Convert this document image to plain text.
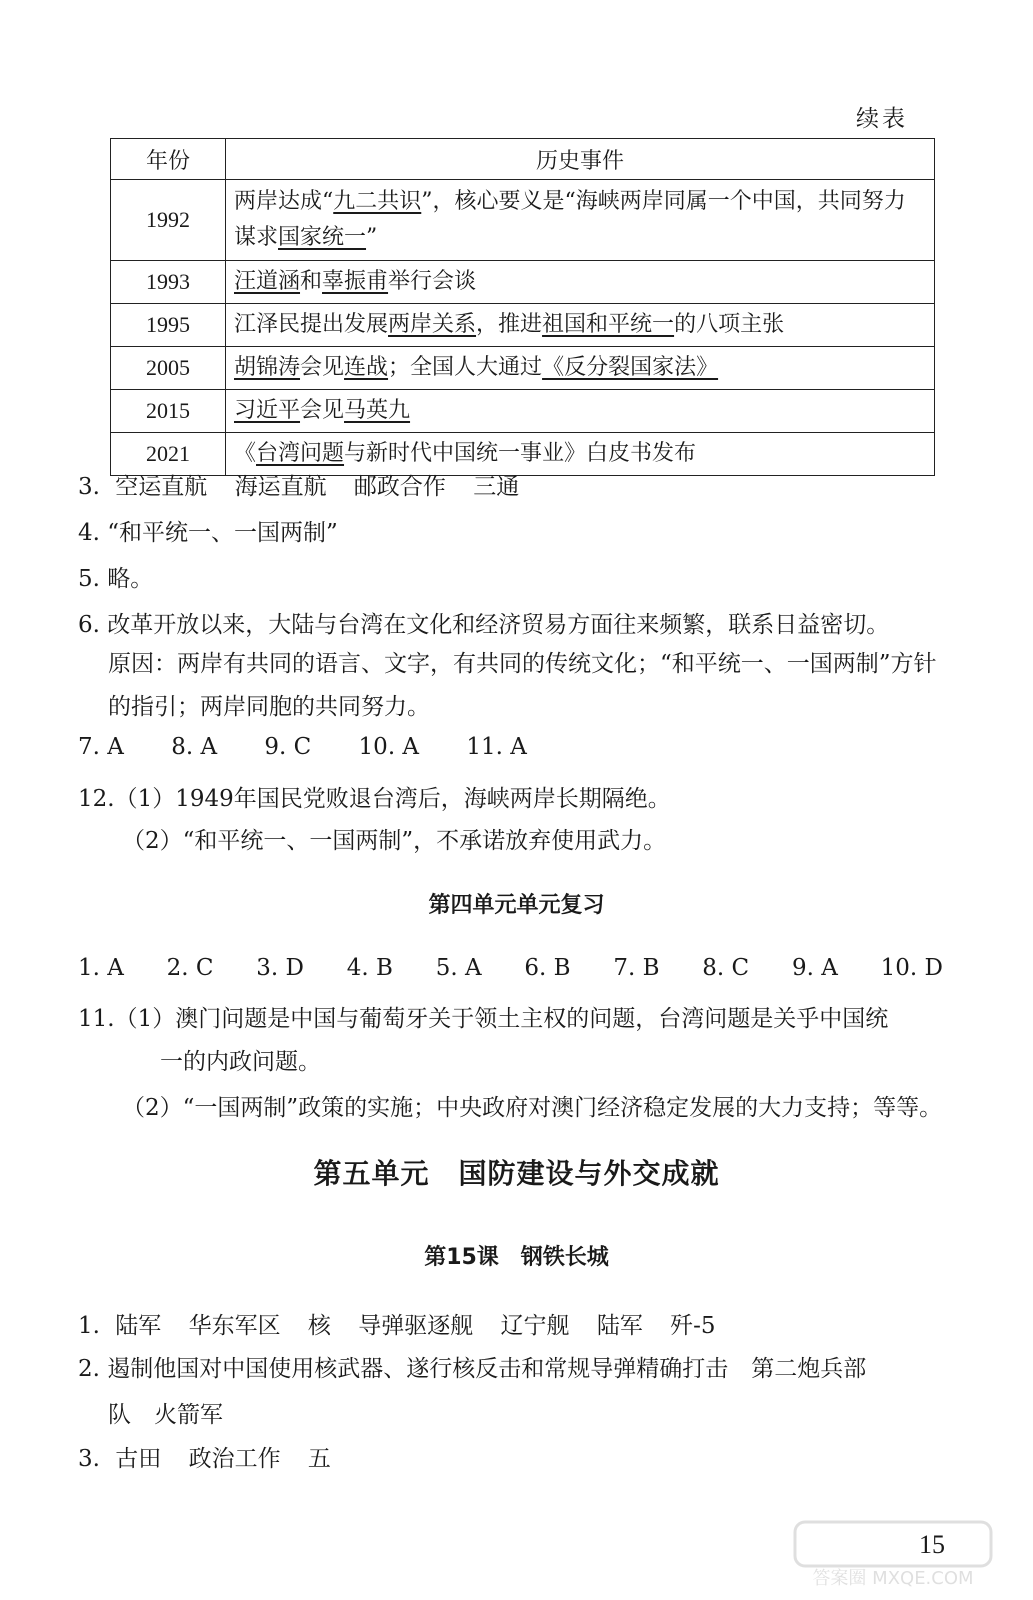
续表
年份	历史事件
1992	两岸达成“九二共识”，核心要义是“海峡两岸同属一个中国，共同努力谋求国家统一”
1993	汪道涵和辜振甫举行会谈
1995	江泽民提出发展两岸关系，推进祖国和平统一的八项主张
2005	胡锦涛会见连战；全国人大通过《反分裂国家法》
2015	习近平会见马英九
2021	《台湾问题与新时代中国统一事业》白皮书发布
3. 空运直航 海运直航 邮政合作 三通
4. “和平统一、一国两制”
5. 略。
6. 改革开放以来，大陆与台湾在文化和经济贸易方面往来频繁，联系日益密切。
原因：两岸有共同的语言、文字，有共同的传统文化；“和平统一、一国两制”方针
的指引；两岸同胞的共同努力。
7. A 8. A 9. C 10. A 11. A
12.（1）1949年国民党败退台湾后，海峡两岸长期隔绝。
（2）“和平统一、一国两制”，不承诺放弃使用武力。
第四单元单元复习
1. A 2. C 3. D 4. B 5. A 6. B 7. B 8. C 9. A 10. D
11.（1）澳门问题是中国与葡萄牙关于领土主权的问题，台湾问题是关乎中国统
一的内政问题。
（2）“一国两制”政策的实施；中央政府对澳门经济稳定发展的大力支持；等等。
第五单元　国防建设与外交成就
第15课　钢铁长城
1. 陆军 华东军区 核 导弹驱逐舰 辽宁舰 陆军 歼-5
2. 遏制他国对中国使用核武器、遂行核反击和常规导弹精确打击　第二炮兵部
队　火箭军
3. 古田 政治工作 五
答案圈 MXQE.COM
15
